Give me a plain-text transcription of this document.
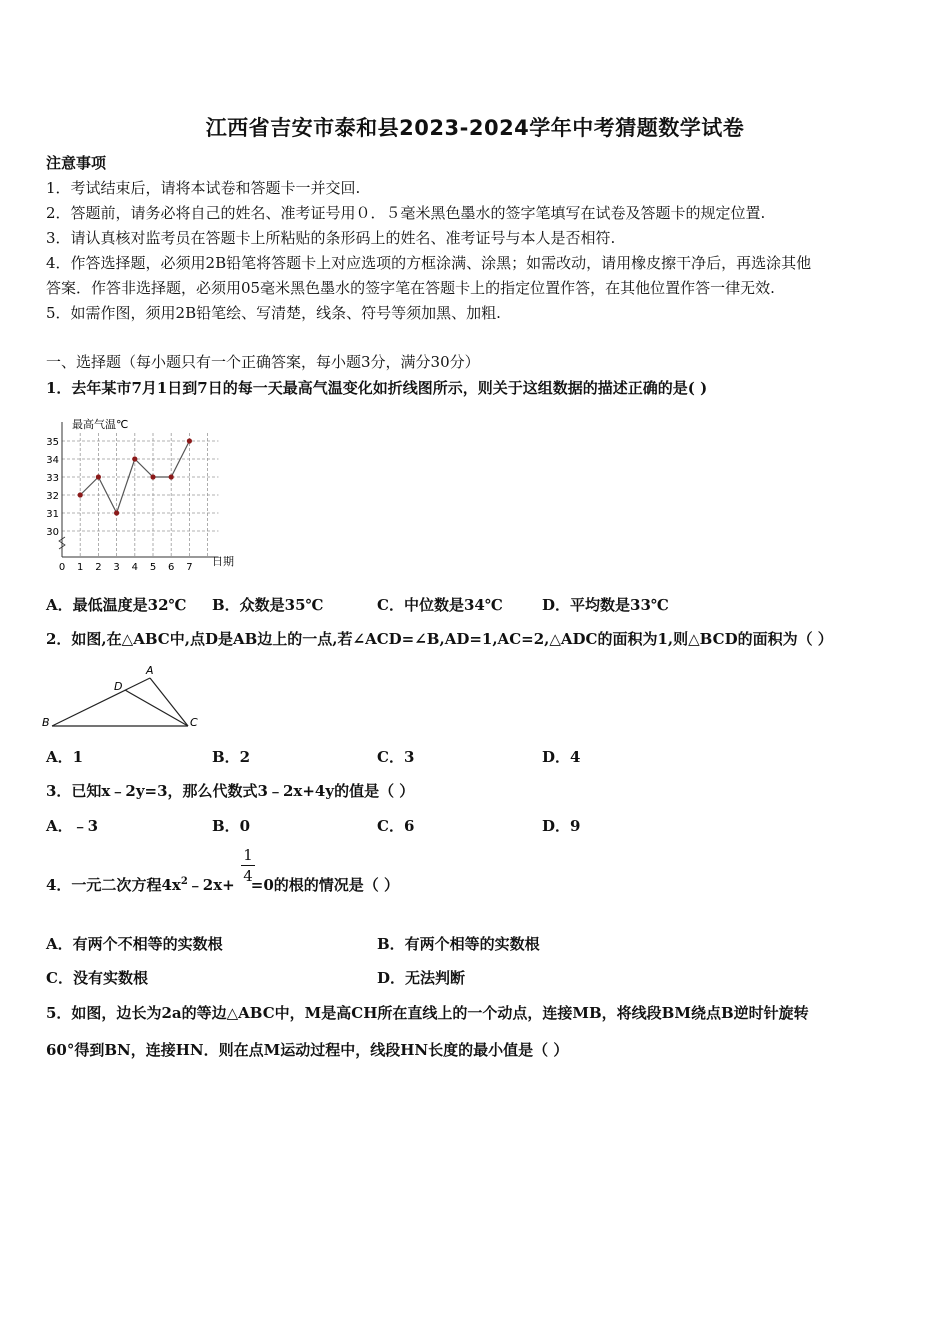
江西省吉安市泰和县2023-2024学年中考猜题数学试卷
注意事项
1．考试结束后，请将本试卷和答题卡一并交回.
2．答题前，请务必将自己的姓名、准考证号用０．５毫米黑色墨水的签字笔填写在试卷及答题卡的规定位置.
3．请认真核对监考员在答题卡上所粘贴的条形码上的姓名、准考证号与本人是否相符.
4．作答选择题，必须用2B铅笔将答题卡上对应选项的方框涂满、涂黑；如需改动，请用橡皮擦干净后，再选涂其他
答案．作答非选择题，必须用05毫米黑色墨水的签字笔在答题卡上的指定位置作答，在其他位置作答一律无效.
5．如需作图，须用2B铅笔绘、写清楚，线条、符号等须加黑、加粗.
一、选择题（每小题只有一个正确答案，每小题3分，满分30分）
1．去年某市7月1日到7日的每一天最高气温变化如折线图所示，则关于这组数据的描述正确的是( )
30
31
32
33
34
35
0 1 2 3 4 5 6 7
最高气温℃
日期
A．最低温度是32℃ B．众数是35℃	C．中位数是34℃	D．平均数是33℃
2．如图,在△ABC中,点D是AB边上的一点,若∠ACD=∠B,AD=1,AC=2,△ADC的面积为1,则△BCD的面积为（ ）
A
D
B	C
A．1	B．2	C．3	D．4
3．已知x﹣2y=3，那么代数式3﹣2x+4y的值是（ ）
A．﹣3	B．0	C．6	D．9
4．一元二次方程$4x^2﹣2x+ =0$的根的情况是（ ）
1
4
A．有两个不相等的实数根	B．有两个相等的实数根
C．没有实数根	D．无法判断
5．如图，边长为2a的等边△ABC中，M是高CH所在直线上的一个动点，连接MB，将线段BM绕点B逆时针旋转
60°得到BN，连接HN．则在点M运动过程中，线段HN长度的最小值是（ ）
